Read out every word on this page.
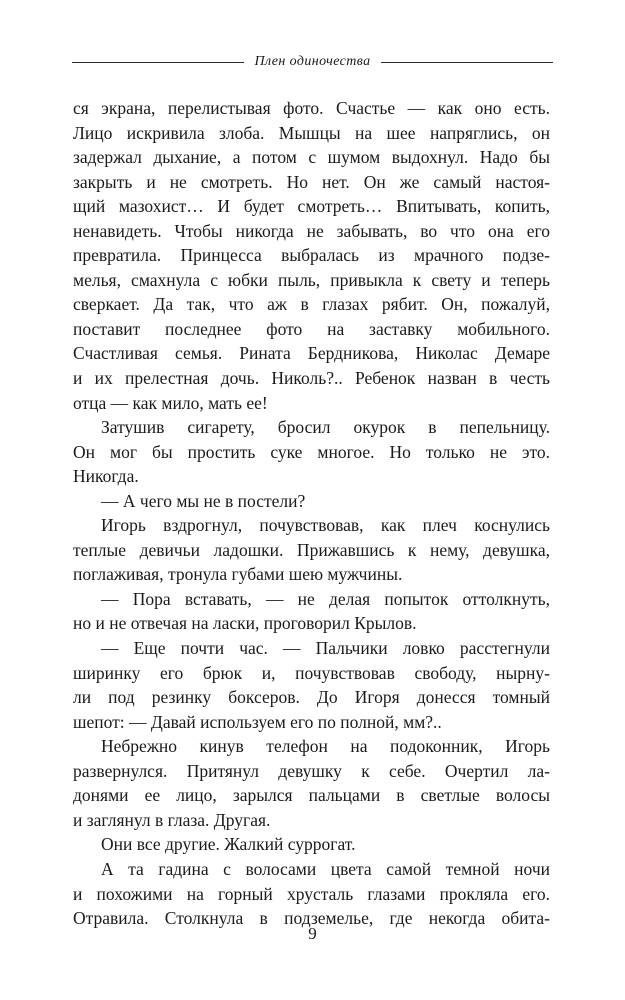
Плен одиночества
ся экрана, перелистывая фото. Счастье — как оно есть.
Лицо искривила злоба. Мышцы на шее напряглись, он
задержал дыхание, а потом с шумом выдохнул. Надо бы
закрыть и не смотреть. Но нет. Он же самый настоя-
щий мазохист… И будет смотреть… Впитывать, копить,
ненавидеть. Чтобы никогда не забывать, во что она его
превратила. Принцесса выбралась из мрачного подзе-
мелья, смахнула с юбки пыль, привыкла к свету и теперь
сверкает. Да так, что аж в глазах рябит. Он, пожалуй,
поставит последнее фото на заставку мобильного.
Счастливая семья. Рината Бердникова, Николас Демаре
и их прелестная дочь. Николь?.. Ребенок назван в честь
отца — как мило, мать ее!
Затушив сигарету, бросил окурок в пепельницу.
Он мог бы простить суке многое. Но только не это.
Никогда.
— А чего мы не в постели?
Игорь вздрогнул, почувствовав, как плеч коснулись
теплые девичьи ладошки. Прижавшись к нему, девушка,
поглаживая, тронула губами шею мужчины.
— Пора вставать, — не делая попыток оттолкнуть,
но и не отвечая на ласки, проговорил Крылов.
— Еще почти час. — Пальчики ловко расстегнули
ширинку его брюк и, почувствовав свободу, нырну-
ли под резинку боксеров. До Игоря донесся томный
шепот: — Давай используем его по полной, мм?..
Небрежно кинув телефон на подоконник, Игорь
развернулся. Притянул девушку к себе. Очертил ла-
донями ее лицо, зарылся пальцами в светлые волосы
и заглянул в глаза. Другая.
Они все другие. Жалкий суррогат.
А та гадина с волосами цвета самой темной ночи
и похожими на горный хрусталь глазами прокляла его.
Отравила. Столкнула в подземелье, где некогда обита-
9
